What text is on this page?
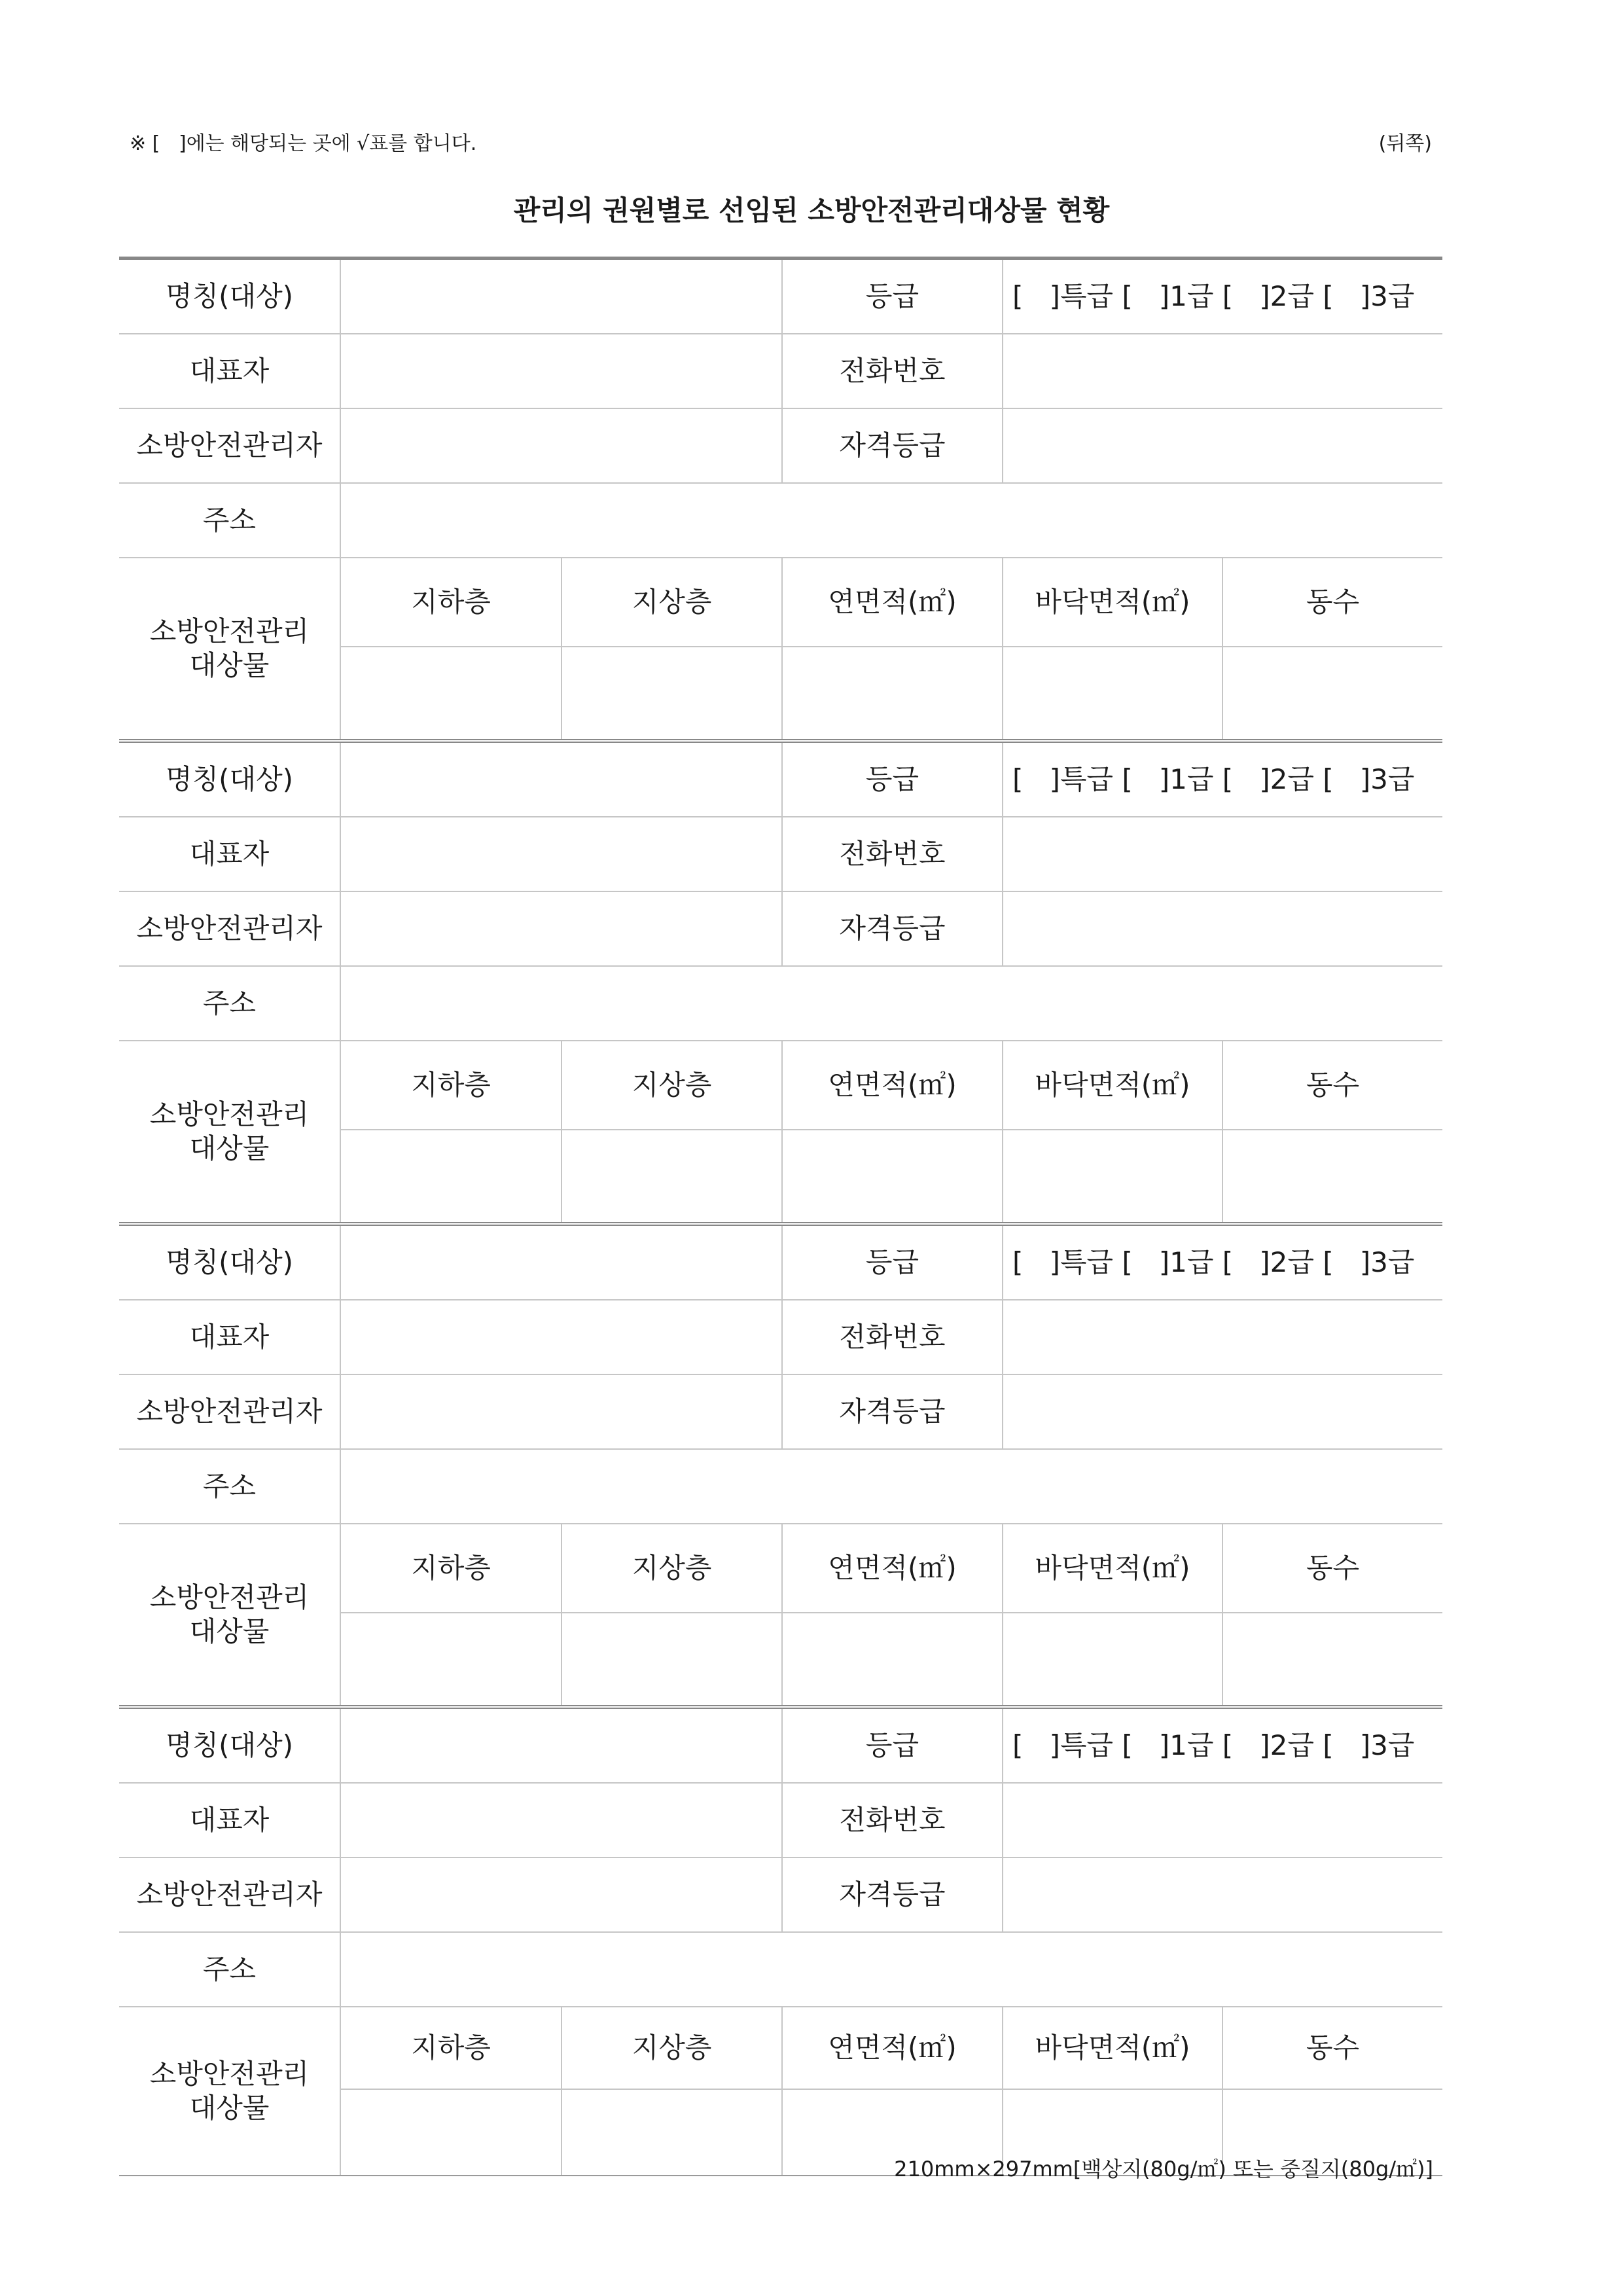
※ [   ]에는 해당되는 곳에 √표를 합니다.	(뒤쪽)
관리의 권원별로 선임된 소방안전관리대상물 현황
명칭(대상)			등급	[   ]특급 [   ]1급 [   ]2급 [   ]3급	
대표자			전화번호		
소방안전관리자			자격등급		
주소					
소방안전관리
대상물	지하층	지상층	연면적(㎡)	바닥면적(㎡)	동수

명칭(대상)			등급	[   ]특급 [   ]1급 [   ]2급 [   ]3급	
대표자			전화번호		
소방안전관리자			자격등급		
주소					
소방안전관리
대상물	지하층	지상층	연면적(㎡)	바닥면적(㎡)	동수

명칭(대상)			등급	[   ]특급 [   ]1급 [   ]2급 [   ]3급	
대표자			전화번호		
소방안전관리자			자격등급		
주소					
소방안전관리
대상물	지하층	지상층	연면적(㎡)	바닥면적(㎡)	동수

명칭(대상)			등급	[   ]특급 [   ]1급 [   ]2급 [   ]3급	
대표자			전화번호		
소방안전관리자			자격등급		
주소					
소방안전관리
대상물	지하층	지상층	연면적(㎡)	바닥면적(㎡)	동수

210mm×297mm[백상지(80g/㎡) 또는 중질지(80g/㎡)]
